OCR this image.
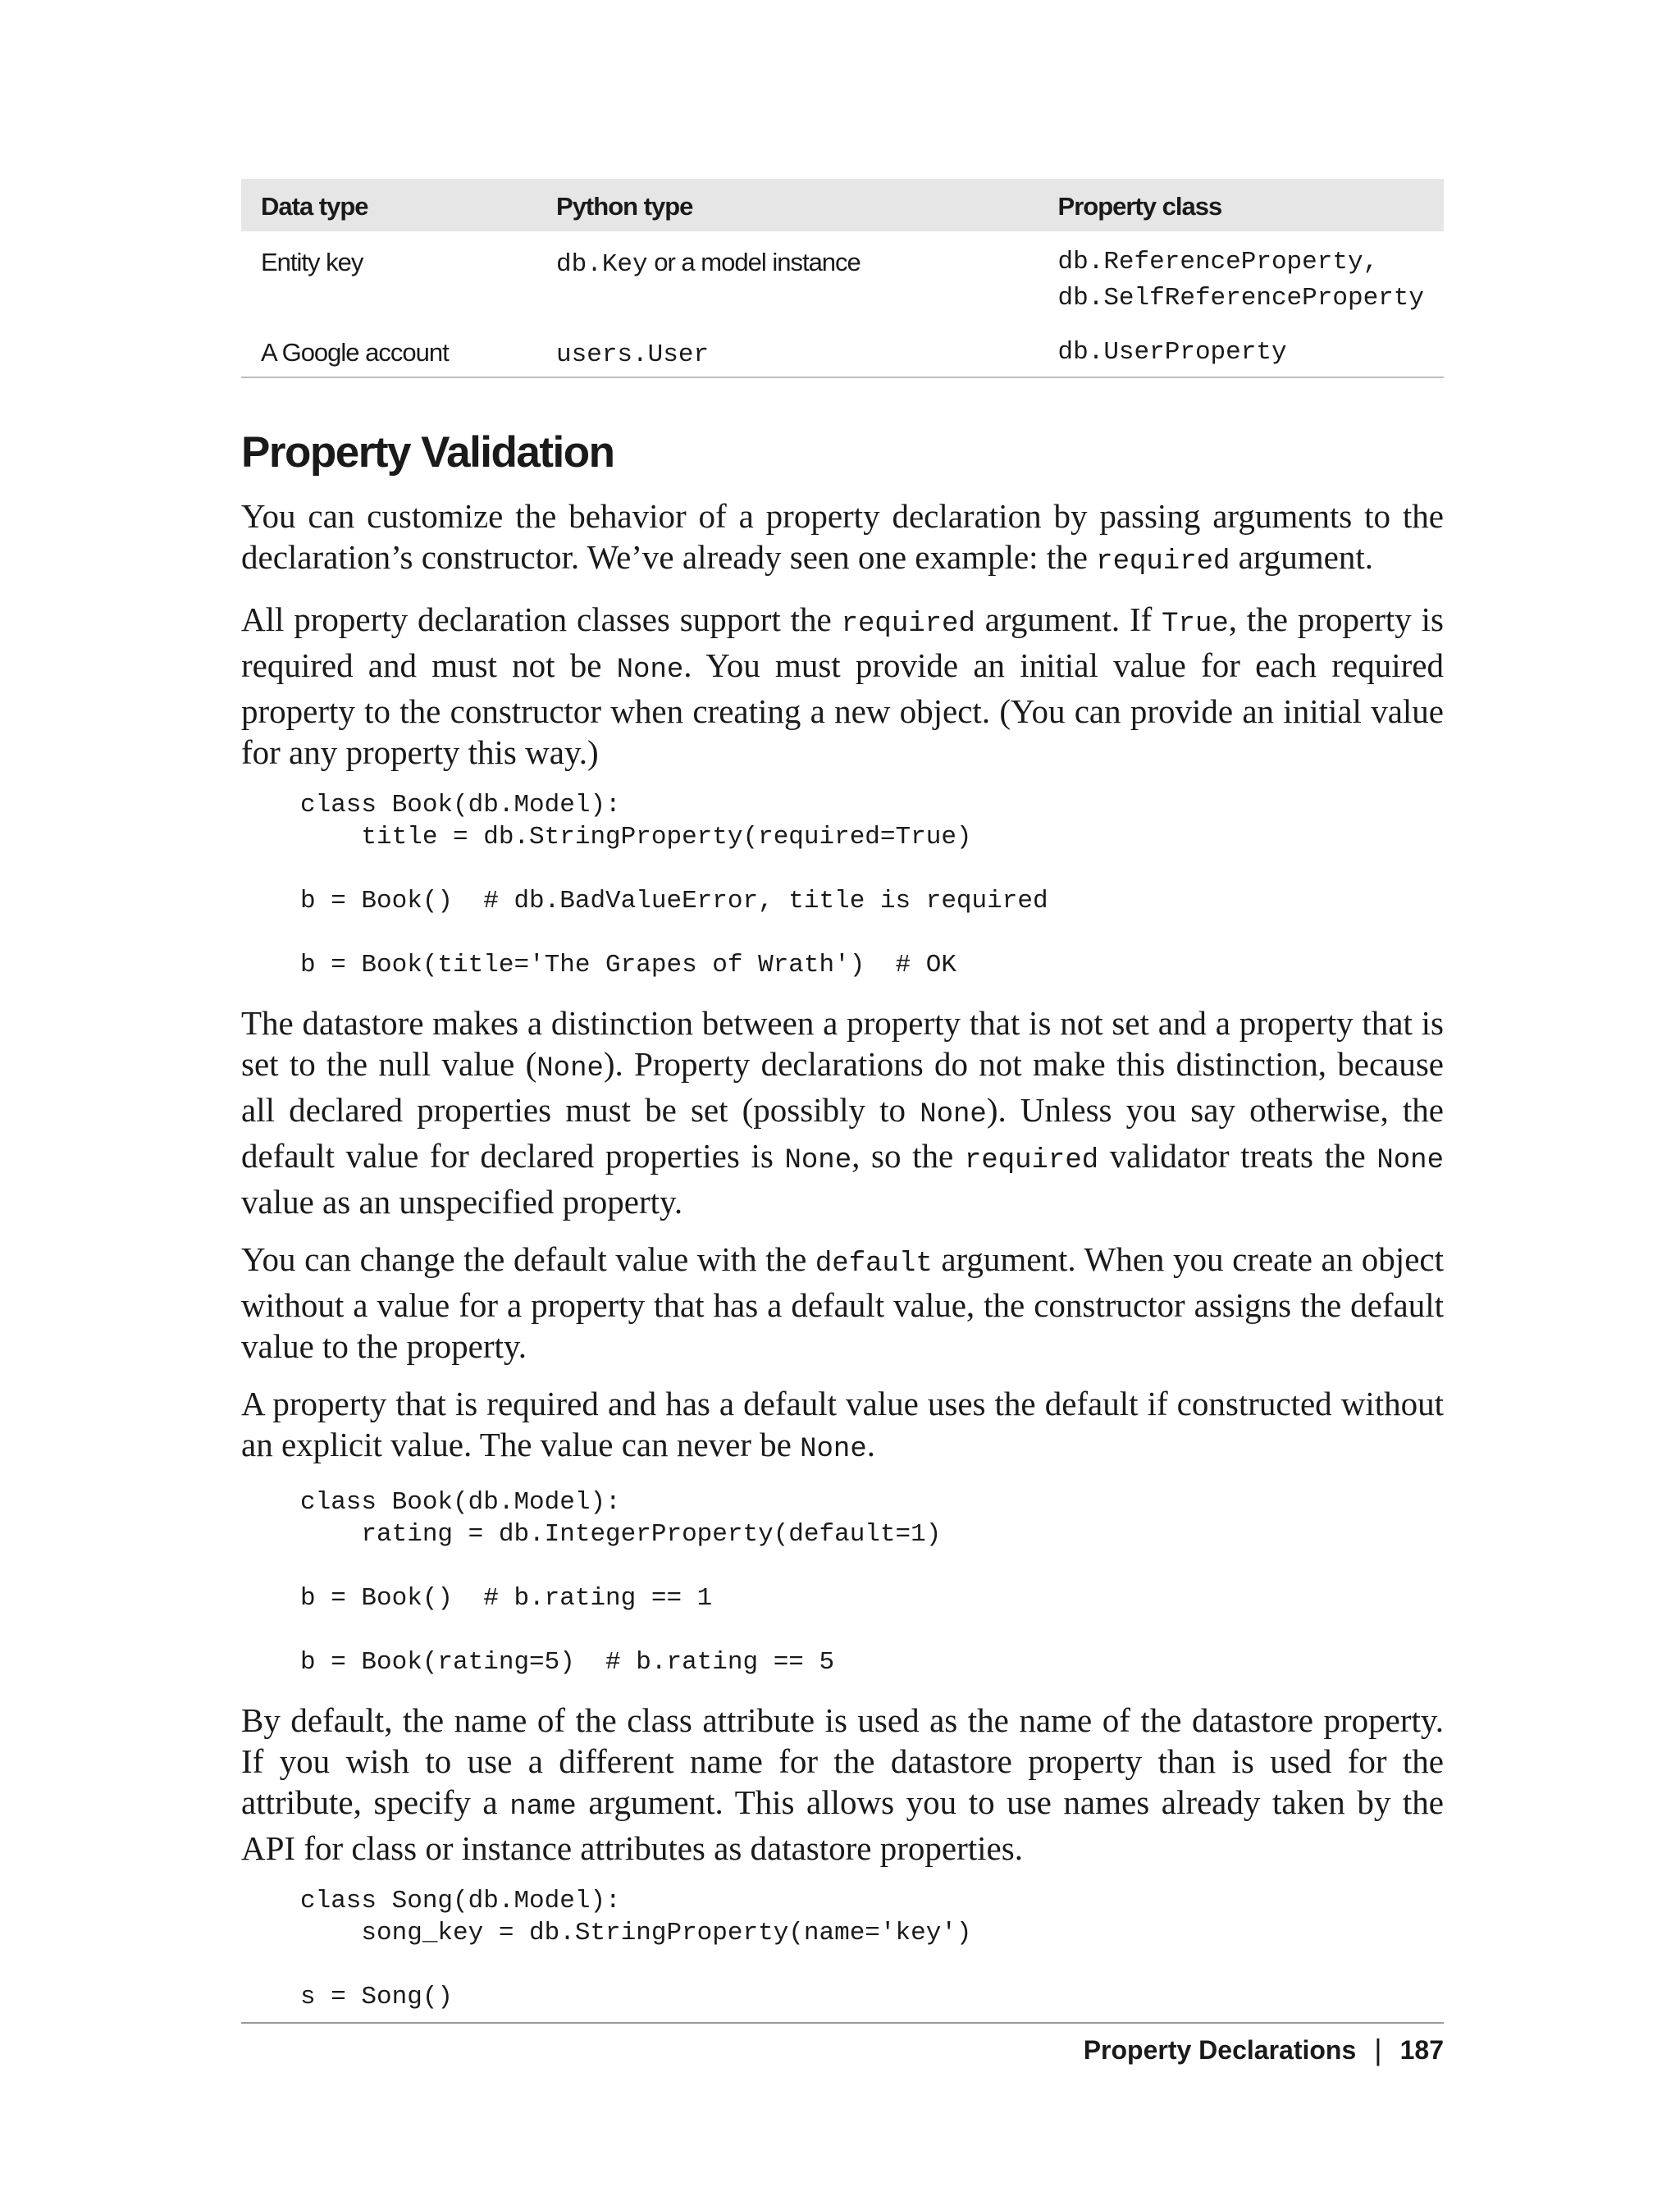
Data type	Python type	Property class
Entity key	db.Key or a model instance	db.ReferenceProperty,
db.SelfReferenceProperty

A Google account	users.User	db.UserProperty
Property Validation

You can customize the behavior of a property declaration by passing arguments to the declaration’s constructor. We’ve already seen one example: the required argument.

All property declaration classes support the required argument. If True, the property is required and must not be None. You must provide an initial value for each required property to the constructor when creating a new object. (You can provide an initial value for any property this way.)

class Book(db.Model):
title = db.StringProperty(required=True)
b = Book()  # db.BadValueError, title is required
b = Book(title='The Grapes of Wrath')  # OK

The datastore makes a distinction between a property that is not set and a property that is set to the null value (None). Property declarations do not make this distinction, because all declared properties must be set (possibly to None). Unless you say otherwise, the default value for declared properties is None, so the required validator treats the None value as an unspecified property.

You can change the default value with the default argument. When you create an object without a value for a property that has a default value, the constructor assigns the default value to the property.

A property that is required and has a default value uses the default if constructed without an explicit value. The value can never be None.

class Book(db.Model):
rating = db.IntegerProperty(default=1)
b = Book()  # b.rating == 1
b = Book(rating=5)  # b.rating == 5

By default, the name of the class attribute is used as the name of the datastore property. If you wish to use a different name for the datastore property than is used for the attribute, specify a name argument. This allows you to use names already taken by the API for class or instance attributes as datastore properties.

class Song(db.Model):
song_key = db.StringProperty(name='key')
s = Song()
Property Declarations | 187
